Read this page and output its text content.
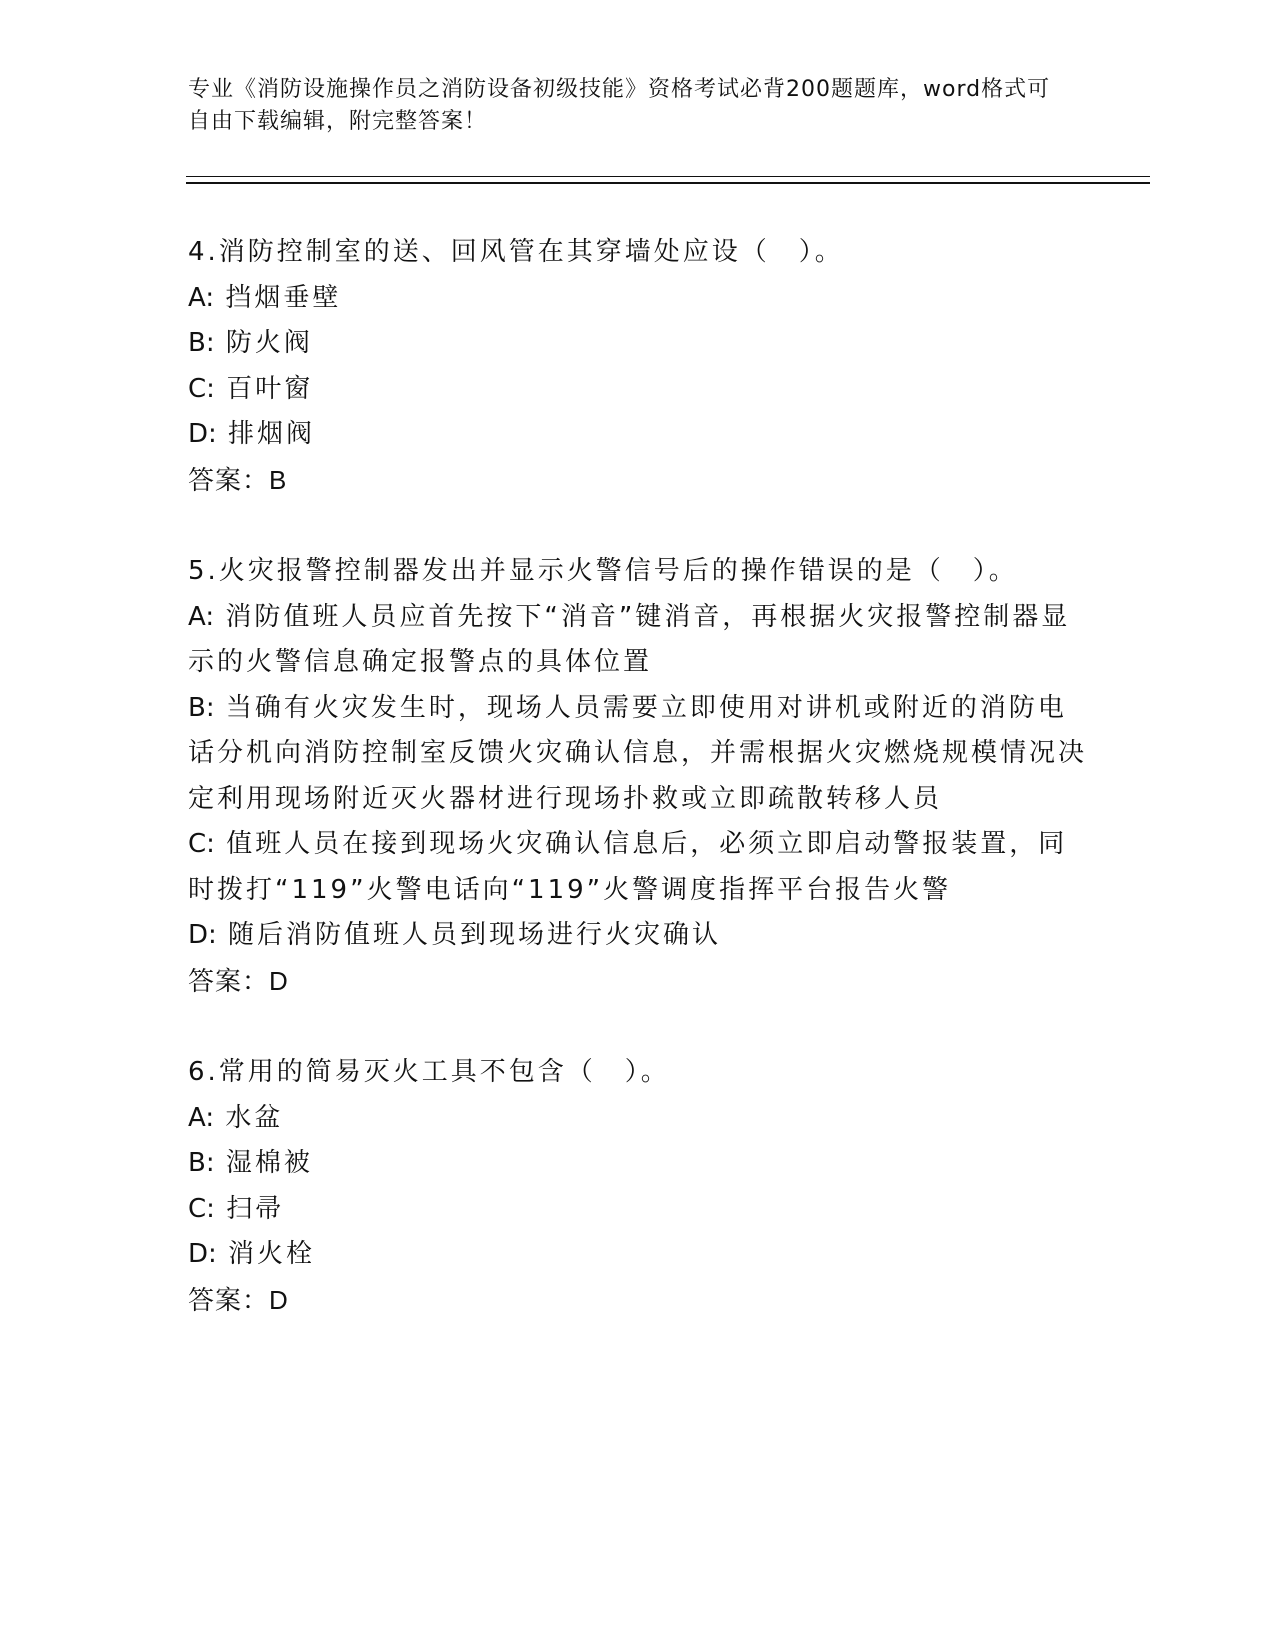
专业《消防设施操作员之消防设备初级技能》资格考试必背200题题库，word格式可自由下载编辑，附完整答案！
4.消防控制室的送、回风管在其穿墙处应设（　）。
A: 挡烟垂壁
B: 防火阀
C: 百叶窗
D: 排烟阀
答案：B
5.火灾报警控制器发出并显示火警信号后的操作错误的是（　）。
A: 消防值班人员应首先按下“消音”键消音，再根据火灾报警控制器显示的火警信息确定报警点的具体位置
B: 当确有火灾发生时，现场人员需要立即使用对讲机或附近的消防电话分机向消防控制室反馈火灾确认信息，并需根据火灾燃烧规模情况决定利用现场附近灭火器材进行现场扑救或立即疏散转移人员
C: 值班人员在接到现场火灾确认信息后，必须立即启动警报装置，同时拨打“119”火警电话向“119”火警调度指挥平台报告火警
D: 随后消防值班人员到现场进行火灾确认
答案：D
6.常用的简易灭火工具不包含（　）。
A: 水盆
B: 湿棉被
C: 扫帚
D: 消火栓
答案：D
